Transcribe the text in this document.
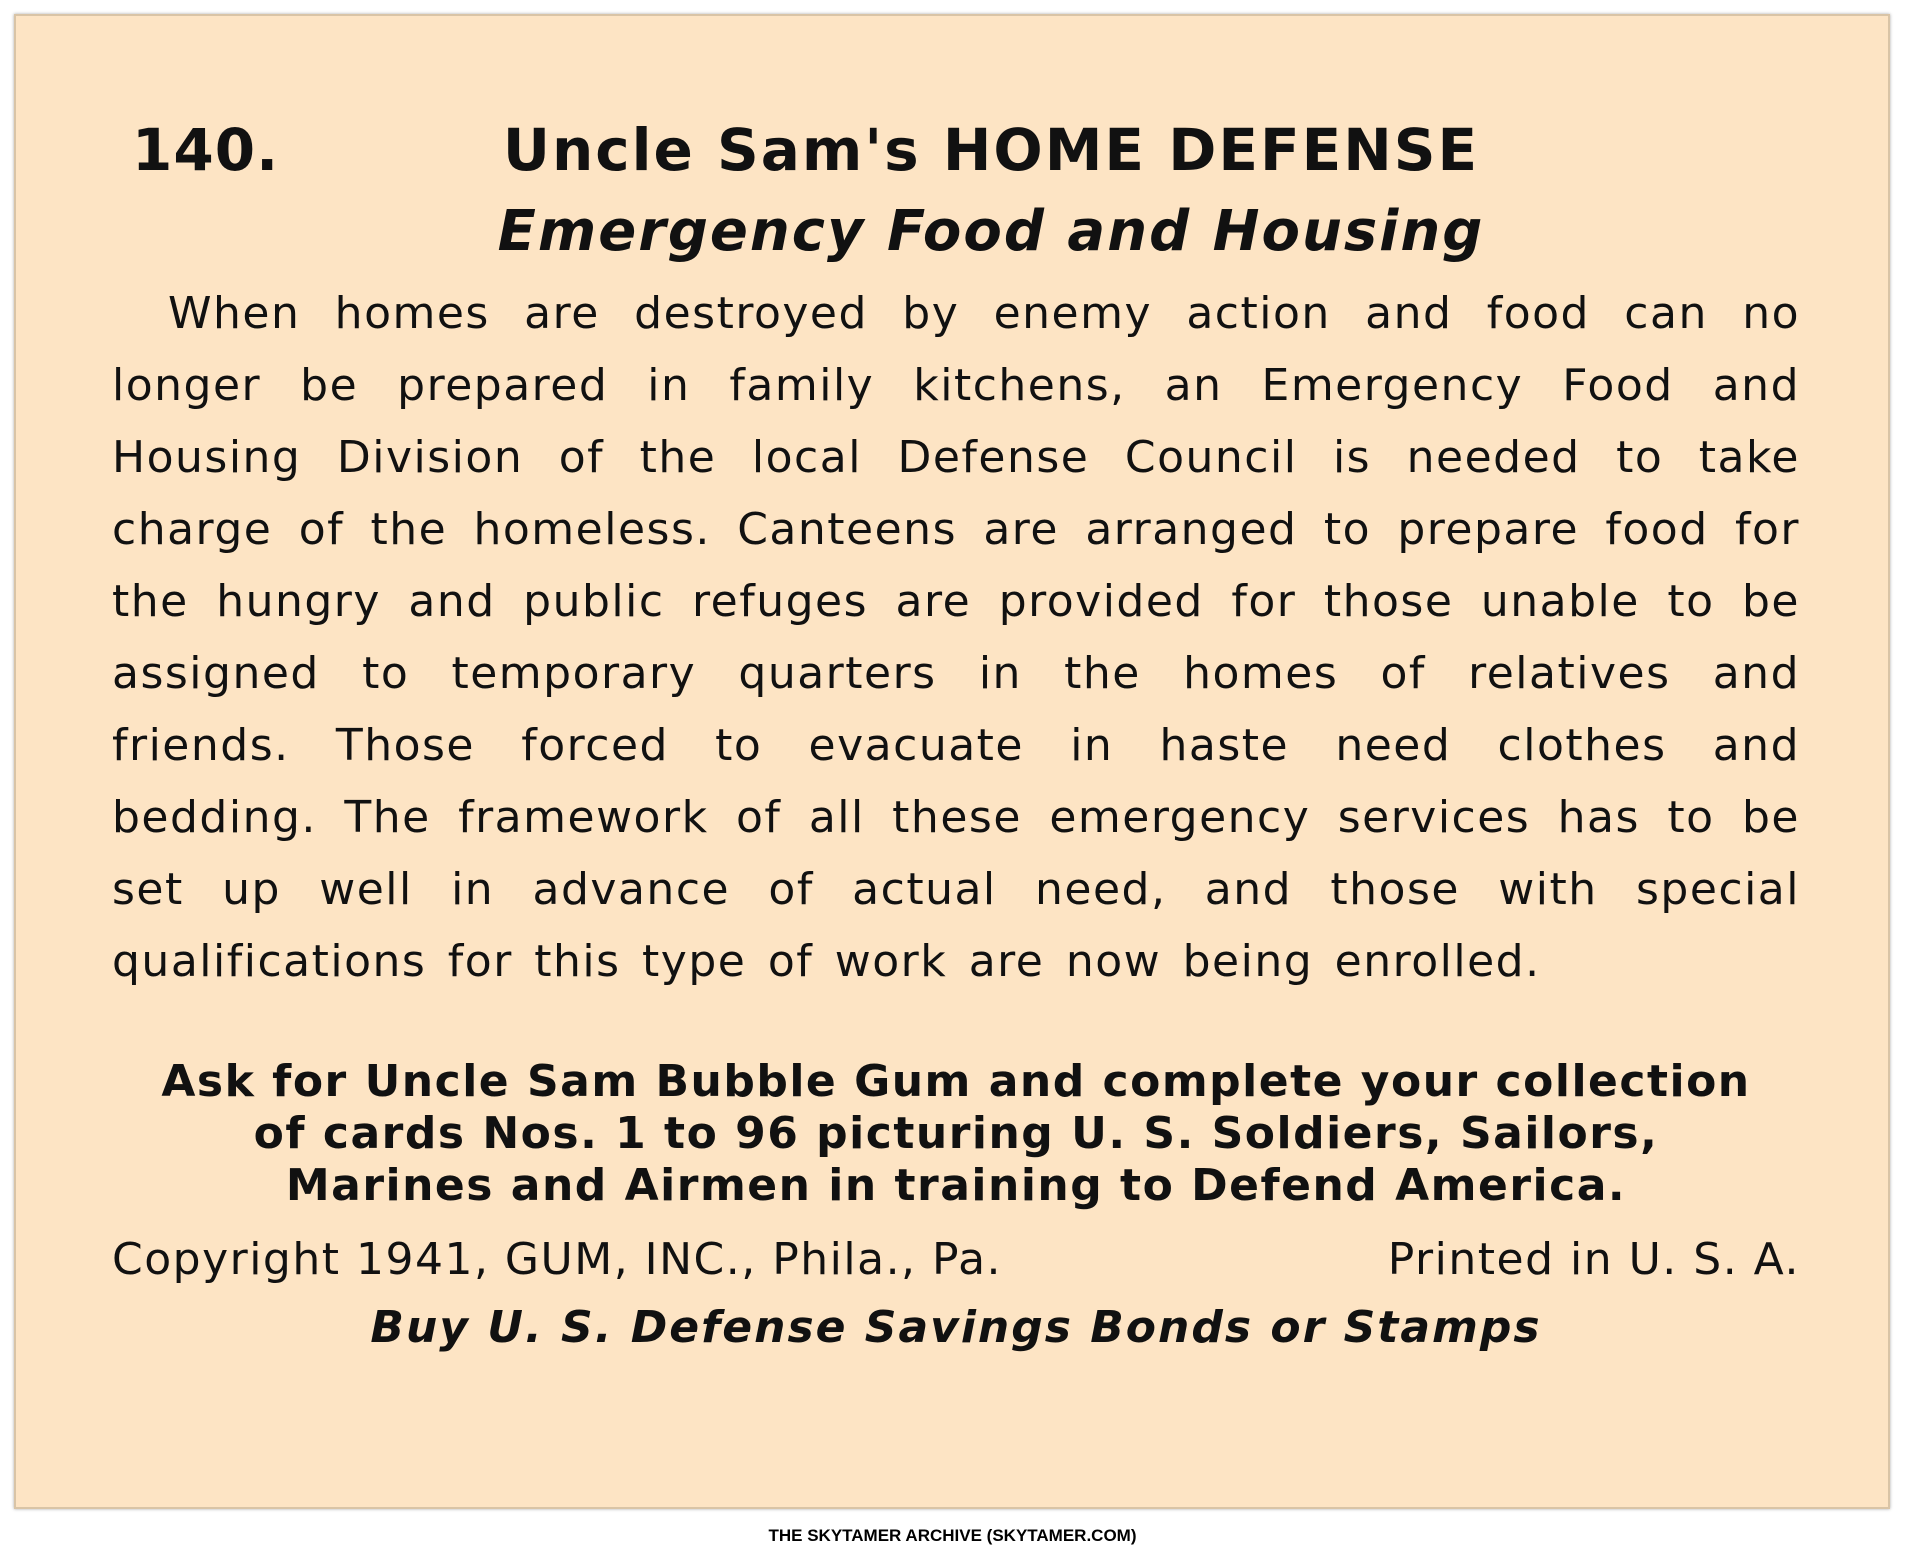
140.	Uncle Sam's HOME DEFENSE
Emergency Food and Housing
When homes are destroyed by enemy action and food can no longer be prepared in family kitchens, an Emergency Food and Housing Division of the local Defense Council is needed to take charge of the homeless. Canteens are arranged to prepare food for the hungry and public refuges are provided for those unable to be assigned to temporary quarters in the homes of relatives and friends. Those forced to evacuate in haste need clothes and bedding. The framework of all these emergency services has to be set up well in advance of actual need, and those with special qualifications for this type of work are now being enrolled.
Ask for Uncle Sam Bubble Gum and complete your collection
of cards Nos. 1 to 96 picturing U. S. Soldiers, Sailors,
Marines and Airmen in training to Defend America.
Copyright 1941, GUM, INC., Phila., Pa.	Printed in U. S. A.
Buy U. S. Defense Savings Bonds or Stamps
THE SKYTAMER ARCHIVE (SKYTAMER.COM)
